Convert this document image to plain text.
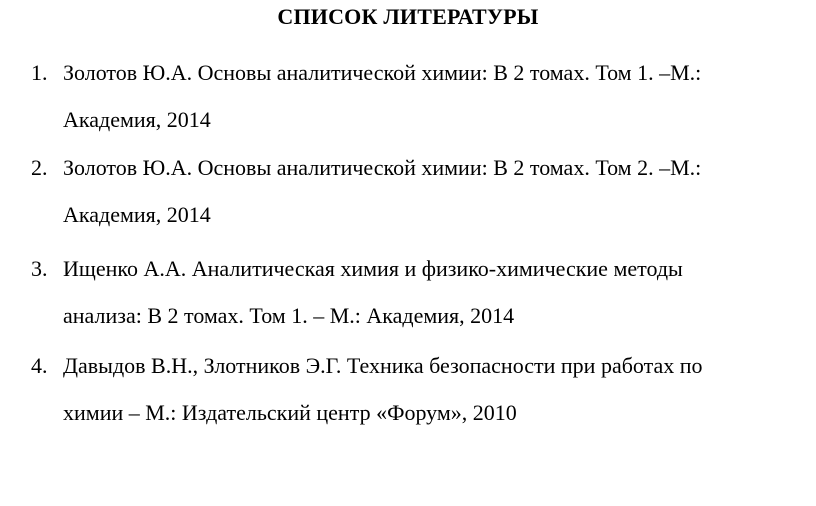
СПИСОК ЛИТЕРАТУРЫ
1. Золотов Ю.А. Основы аналитической химии: В 2 томах. Том 1. –М.:
Академия, 2014
2. Золотов Ю.А. Основы аналитической химии: В 2 томах. Том 2. –М.:
Академия, 2014
3. Ищенко А.А. Аналитическая химия и физико-химические методы
анализа: В 2 томах. Том 1. – М.: Академия, 2014
4. Давыдов В.Н., Злотников Э.Г. Техника безопасности при работах по
химии – М.: Издательский центр «Форум», 2010
